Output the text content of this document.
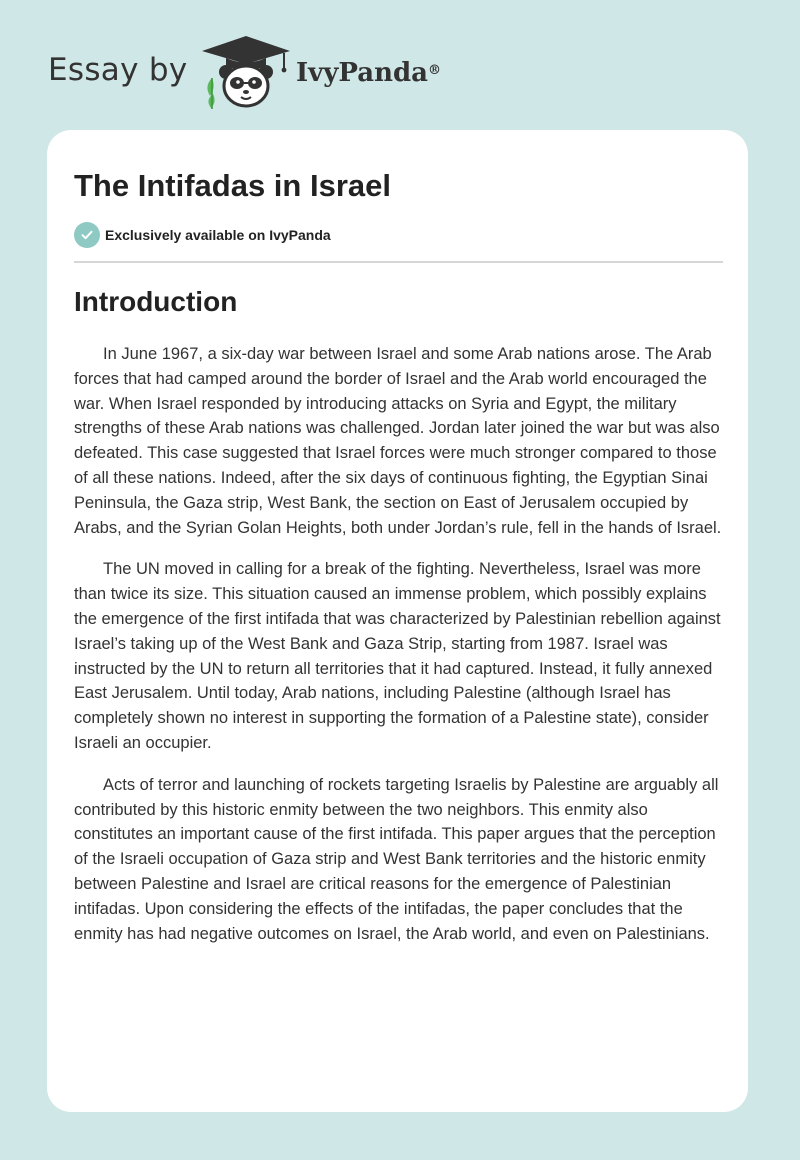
Essay by	IvyPanda®
The Intifadas in Israel
Exclusively available on IvyPanda
Introduction

In June 1967, a six-day war between Israel and some Arab nations arose. The Arab forces that had camped around the border of Israel and the Arab world encouraged the war. When Israel responded by introducing attacks on Syria and Egypt, the military strengths of these Arab nations was challenged. Jordan later joined the war but was also defeated. This case suggested that Israel forces were much stronger compared to those of all these nations. Indeed, after the six days of continuous fighting, the Egyptian Sinai Peninsula, the Gaza strip, West Bank, the section on East of Jerusalem occupied by Arabs, and the Syrian Golan Heights, both under Jordan’s rule, fell in the hands of Israel.

The UN moved in calling for a break of the fighting. Nevertheless, Israel was more than twice its size. This situation caused an immense problem, which possibly explains the emergence of the first intifada that was characterized by Palestinian rebellion against Israel’s taking up of the West Bank and Gaza Strip, starting from 1987. Israel was instructed by the UN to return all territories that it had captured. Instead, it fully annexed East Jerusalem. Until today, Arab nations, including Palestine (although Israel has completely shown no interest in supporting the formation of a Palestine state), consider Israeli an occupier.

Acts of terror and launching of rockets targeting Israelis by Palestine are arguably all contributed by this historic enmity between the two neighbors. This enmity also constitutes an important cause of the first intifada. This paper argues that the perception of the Israeli occupation of Gaza strip and West Bank territories and the historic enmity between Palestine and Israel are critical reasons for the emergence of Palestinian intifadas. Upon considering the effects of the intifadas, the paper concludes that the enmity has had negative outcomes on Israel, the Arab world, and even on Palestinians.
